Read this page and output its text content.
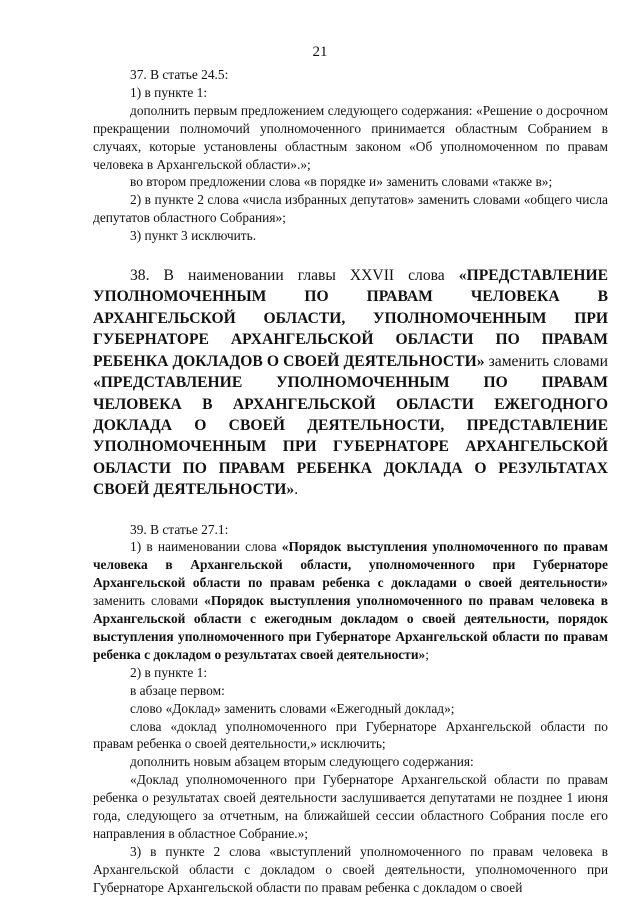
21

37. В статье 24.5:

1) в пункте 1:

дополнить первым предложением следующего содержания: «Решение о досрочном прекращении полномочий уполномоченного принимается областным Собранием в случаях, которые установлены областным законом «Об уполномоченном по правам человека в Архангельской области».»;

во втором предложении слова «в порядке и» заменить словами «также в»;

2) в пункте 2 слова «числа избранных депутатов» заменить словами «общего числа депутатов областного Собрания»;

3) пункт 3 исключить.

38. В наименовании главы XXVII слова «ПРЕДСТАВЛЕНИЕ УПОЛНОМОЧЕННЫМ ПО ПРАВАМ ЧЕЛОВЕКА В АРХАНГЕЛЬСКОЙ ОБЛАСТИ, УПОЛНОМОЧЕННЫМ ПРИ ГУБЕРНАТОРЕ АРХАНГЕЛЬСКОЙ ОБЛАСТИ ПО ПРАВАМ РЕБЕНКА ДОКЛАДОВ О СВОЕЙ ДЕЯТЕЛЬНОСТИ» заменить словами «ПРЕДСТАВЛЕНИЕ УПОЛНОМОЧЕННЫМ ПО ПРАВАМ ЧЕЛОВЕКА В АРХАНГЕЛЬСКОЙ ОБЛАСТИ ЕЖЕГОДНОГО ДОКЛАДА О СВОЕЙ ДЕЯТЕЛЬНОСТИ, ПРЕДСТАВЛЕНИЕ УПОЛНОМОЧЕННЫМ ПРИ ГУБЕРНАТОРЕ АРХАНГЕЛЬСКОЙ ОБЛАСТИ ПО ПРАВАМ РЕБЕНКА ДОКЛАДА О РЕЗУЛЬТАТАХ СВОЕЙ ДЕЯТЕЛЬНОСТИ».

39. В статье 27.1:

1) в наименовании слова «Порядок выступления уполномоченного по правам человека в Архангельской области, уполномоченного при Губернаторе Архангельской области по правам ребенка с докладами о своей деятельности» заменить словами «Порядок выступления уполномоченного по правам человека в Архангельской области с ежегодным докладом о своей деятельности, порядок выступления уполномоченного при Губернаторе Архангельской области по правам ребенка с докладом о результатах своей деятельности»;

2) в пункте 1:

в абзаце первом:

слово «Доклад» заменить словами «Ежегодный доклад»;

слова «доклад уполномоченного при Губернаторе Архангельской области по правам ребенка о своей деятельности,» исключить;

дополнить новым абзацем вторым следующего содержания:

«Доклад уполномоченного при Губернаторе Архангельской области по правам ребенка о результатах своей деятельности заслушивается депутатами не позднее 1 июня года, следующего за отчетным, на ближайшей сессии областного Собрания после его направления в областное Собрание.»;

3) в пункте 2 слова «выступлений уполномоченного по правам человека в Архангельской области с докладом о своей деятельности, уполномоченного при Губернаторе Архангельской области по правам ребенка с докладом о своей
